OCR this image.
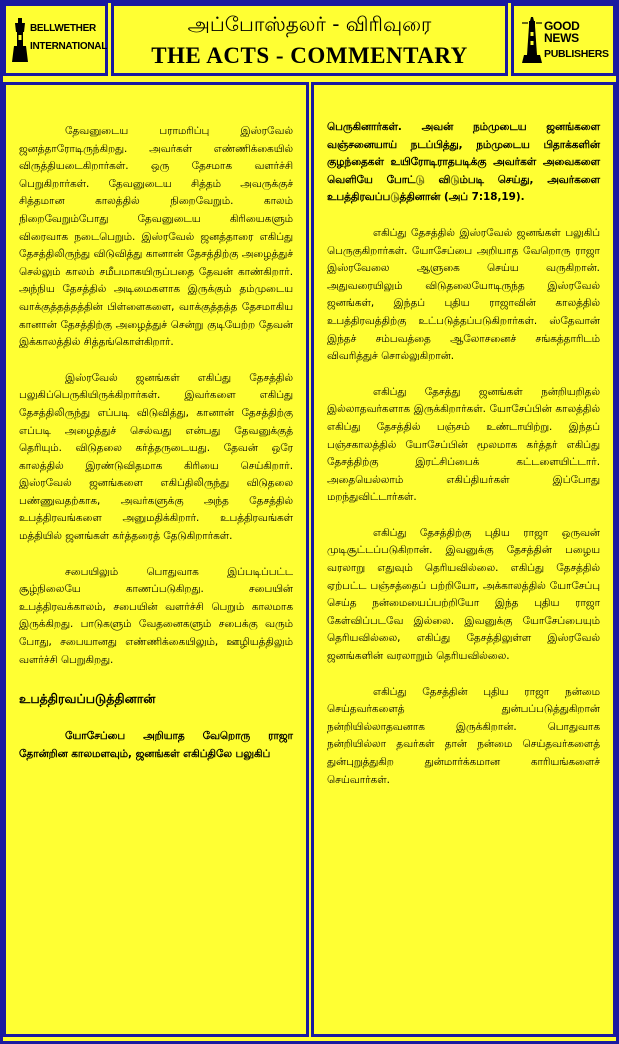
BELLWETHER
INTERNATIONAL
அப்போஸ்தலர் - விரிவுரை
THE ACTS - COMMENTARY
GOOD NEWS
PUBLISHERS

தேவனுடைய பராமரிப்பு இஸ்ரவேல் ஜனத்தாரோடிருந்கிறது. அவர்கள் எண்ணிக்கையில் விருத்தியடைகிறார்கள். ஒரு தேசமாக வளர்ச்சி பெறுகிறார்கள். தேவனுடைய சித்தம் அவருக்குச் சித்தமான காலத்தில் நிறைவேறும். காலம் நிறைவேறும்போது தேவனுடைய கிரியைகளும் விரைவாக நடைபெறும். இஸ்ரவேல் ஜனத்தாரை எகிப்து தேசத்திலிருந்து விடுவித்து கானான் தேசத்திற்கு அழைத்துச் செல்லும் காலம் சமீபமாகயிருப்பதை தேவன் காண்கிறார். அந்நிய தேசத்தில் அடிமைகளாக இருக்கும் தம்முடைய வாக்குத்தத்தத்தின் பிள்ளைகளை, வாக்குத்தத்த தேசமாகிய கானான் தேசத்திற்கு அழைத்துச் சென்று குடியேற்ற தேவன் இக்காலத்தில் சித்தங்கொள்கிறார்.

இஸ்ரவேல் ஜனங்கள் எகிப்து தேசத்தில் பலுகிப்பெருகியிருக்கிறார்கள். இவர்களை எகிப்து தேசத்திலிருந்து எப்படி விடுவித்து, கானான் தேசத்திற்கு எப்படி அழைத்துச் செல்வது என்பது தேவனுக்குத் தெரியும். விடுதலை கர்த்தருடையது. தேவன் ஒரே காலத்தில் இரண்டுவிதமாக கிரியை செய்கிறார். இஸ்ரவேல் ஜனங்களை எகிப்திலிருந்து விடுதலை பண்ணுவதற்காக, அவர்களுக்கு அந்த தேசத்தில் உபத்திரவங்களை அனுமதிக்கிறார். உபத்திரவங்கள் மத்தியில் ஜனங்கள் கர்த்தரைத் தேடுகிறார்கள்.

சபையிலும் பொதுவாக இப்படிப்பட்ட சூழ்நிலையே காணப்படுகிறது. சபையின் உபத்திரவக்காலம், சபையின் வளர்ச்சி பெறும் காலமாக இருக்கிறது. பாடுகளும் வேதனைகளும் சபைக்கு வரும் போது, சபையானது எண்ணிக்கையிலும், ஊழியத்திலும் வளர்ச்சி பெறுகிறது.

உபத்திரவப்படுத்தினான்

யோசேப்பை அறியாத வேறொரு ராஜா தோன்றின காலமளவும், ஜனங்கள் எகிப்திலே பலுகிப்

பெருகினார்கள். அவன் நம்முடைய ஜனங்களை வஞ்சனையாய் நடப்பித்து, நம்முடைய பிதாக்களின் குழந்தைகள் உயிரோடிராதபடிக்கு அவர்கள் அவைகளை வெளியே போட்டு விடும்படி செய்து, அவர்களை உபத்திரவப்படுத்தினான் (அப் 7:18,19).

எகிப்து தேசத்தில் இஸ்ரவேல் ஜனங்கள் பலுகிப் பெருகுகிறார்கள். யோசேப்பை அறியாத வேறொரு ராஜா இஸ்ரவேலை ஆளுகை செய்ய வருகிறான். அதுவரையிலும் விடுதலையோடிருந்த இஸ்ரவேல் ஜனங்கள், இந்தப் புதிய ராஜாவின் காலத்தில் உபத்திரவத்திற்கு உட்படுத்தப்படுகிறார்கள். ஸ்தேவான் இந்தச் சம்பவத்தை ஆலோசனைச் சங்கத்தாரிடம் விவரித்துச் சொல்லுகிறான்.

எகிப்து தேசத்து ஜனங்கள் நன்றியறிதல் இல்லாதவர்களாக இருக்கிறார்கள். யோசேப்பின் காலத்தில் எகிப்து தேசத்தில் பஞ்சம் உண்டாயிற்று. இந்தப் பஞ்சகாலத்தில் யோசேப்பின் மூலமாக கர்த்தர் எகிப்து தேசத்திற்கு இரட்சிப்பைக் கட்டளையிட்டார். அதையெல்லாம் எகிப்தியர்கள் இப்போது மறந்துவிட்டார்கள்.

எகிப்து தேசத்திற்கு புதிய ராஜா ஒருவன் முடிசூட்டப்படுகிறான். இவனுக்கு தேசத்தின் பழைய வரலாறு எதுவும் தெரியவில்லை. எகிப்து தேசத்தில் ஏற்பட்ட பஞ்சத்தைப் பற்றியோ, அக்காலத்தில் யோசேப்பு செய்த நன்மையைப்பற்றியோ இந்த புதிய ராஜா கேள்விப்படவே இல்லை. இவனுக்கு யோசேப்பையும் தெரியவில்லை, எகிப்து தேசத்திலுள்ள இஸ்ரவேல் ஜனங்களின் வரலாறும் தெரியவில்லை.

எகிப்து தேசத்தின் புதிய ராஜா நன்மை செய்தவர்களைத் துன்பப்படுத்துகிறான் நன்றியில்லாதவனாக இருக்கிறான். பொதுவாக நன்றியில்லா தவர்கள் தான் நன்மை செய்தவர்களைத் துன்புறுத்துகிற துன்மார்க்கமான காரியங்களைச் செய்வார்கள்.
